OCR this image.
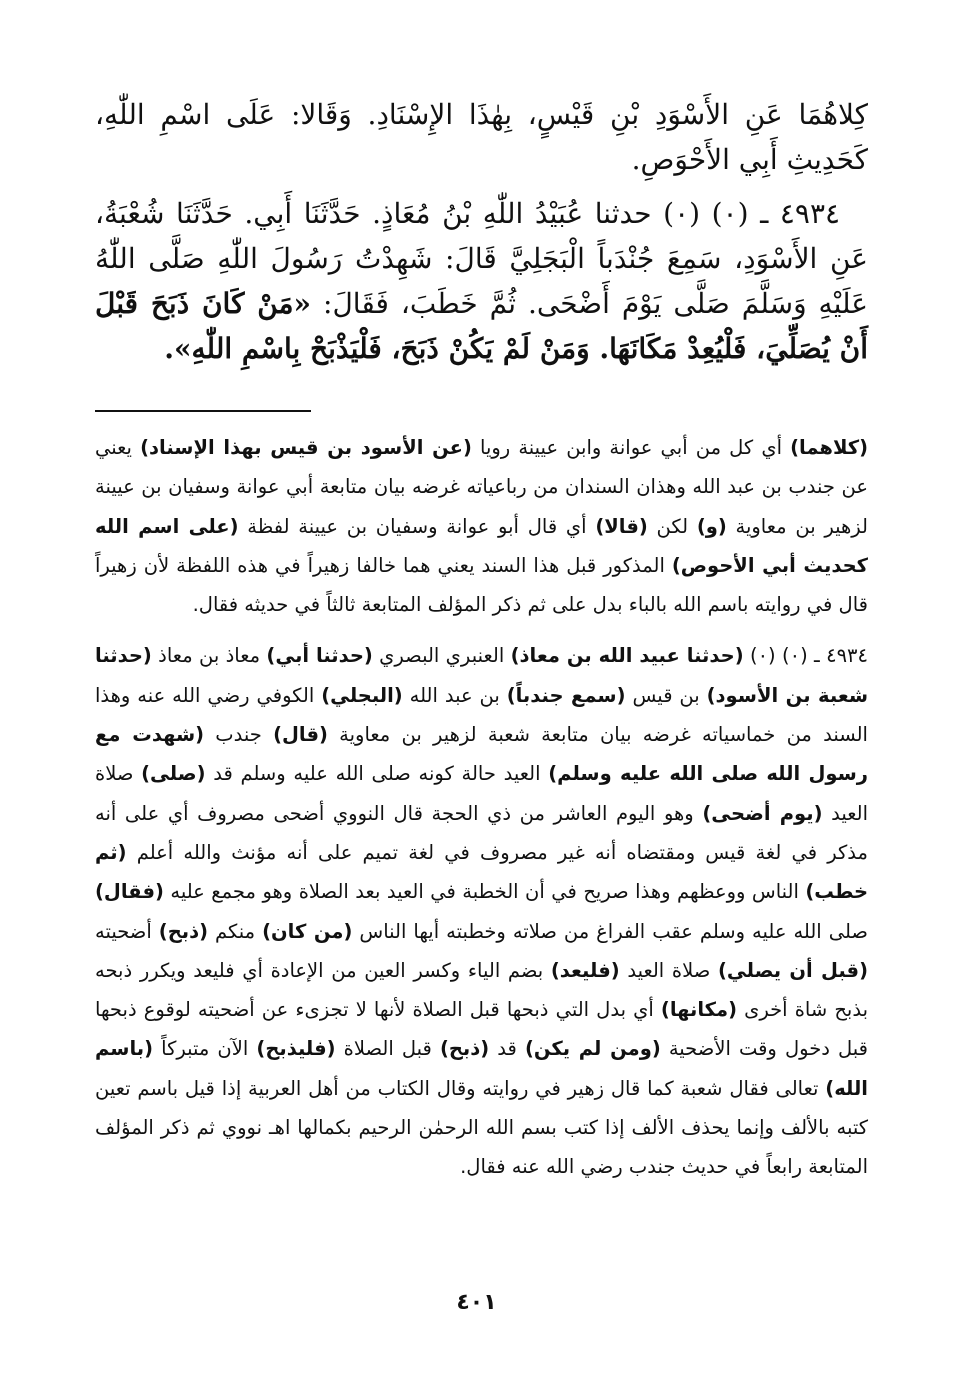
كِلاهُمَا عَنِ الأَسْوَدِ بْنِ قَيْسٍ، بِهٰذَا الإِسْنَادِ. وَقَالا: عَلَى اسْمِ اللّٰهِ، كَحَدِيثِ أَبِي الأَحْوَصِ.

٤٩٣٤ ـ (٠) (٠) حدثنا عُبَيْدُ اللّٰهِ بْنُ مُعَاذٍ. حَدَّثَنَا أَبِي. حَدَّثَنَا شُعْبَةُ، عَنِ الأَسْوَدِ، سَمِعَ جُنْدَباً الْبَجَلِيَّ قَالَ: شَهِدْتُ رَسُولَ اللّٰهِ صَلَّى اللّٰهُ عَلَيْهِ وَسَلَّمَ صَلَّى يَوْمَ أَضْحَى. ثُمَّ خَطَبَ، فَقَالَ: «مَنْ كَانَ ذَبَحَ قَبْلَ أَنْ يُصَلِّيَ، فَلْيُعِدْ مَكَانَهَا. وَمَنْ لَمْ يَكُنْ ذَبَحَ، فَلْيَذْبَحْ بِاسْمِ اللّٰهِ».

(كلاهما) أي كل من أبي عوانة وابن عيينة رويا (عن الأسود بن قيس بهذا الإسناد) يعني عن جندب بن عبد الله وهذان السندان من رباعياته غرضه بيان متابعة أبي عوانة وسفيان بن عيينة لزهير بن معاوية (و) لكن (قالا) أي قال أبو عوانة وسفيان بن عيينة لفظة (على اسم الله كحديث أبي الأحوص) المذكور قبل هذا السند يعني هما خالفا زهيراً في هذه اللفظة لأن زهيراً قال في روايته باسم الله بالباء بدل على ثم ذكر المؤلف المتابعة ثالثاً في حديثه فقال.

٤٩٣٤ ـ (٠) (٠) (حدثنا عبيد الله بن معاذ) العنبري البصري (حدثنا أبي) معاذ بن معاذ (حدثنا شعبة بن الأسود) بن قيس (سمع جندباً) بن عبد الله (البجلي) الكوفي رضي الله عنه وهذا السند من خماسياته غرضه بيان متابعة شعبة لزهير بن معاوية (قال) جندب (شهدت مع رسول الله صلى الله عليه وسلم) العيد حالة كونه صلى الله عليه وسلم قد (صلى) صلاة العيد (يوم أضحى) وهو اليوم العاشر من ذي الحجة قال النووي أضحى مصروف أي على أنه مذكر في لغة قيس ومقتضاه أنه غير مصروف في لغة تميم على أنه مؤنث والله أعلم (ثم خطب) الناس ووعظهم وهذا صريح في أن الخطبة في العيد بعد الصلاة وهو مجمع عليه (فقال) صلى الله عليه وسلم عقب الفراغ من صلاته وخطبته أيها الناس (من كان) منكم (ذبح) أضحيته (قبل أن يصلي) صلاة العيد (فليعد) بضم الياء وكسر العين من الإعادة أي فليعد ويكرر ذبحه بذبح شاة أخرى (مكانها) أي بدل التي ذبحها قبل الصلاة لأنها لا تجزىء عن أضحيته لوقوع ذبحها قبل دخول وقت الأضحية (ومن لم يكن) قد (ذبح) قبل الصلاة (فليذبح) الآن متبركاً (باسم الله) تعالى فقال شعبة كما قال زهير في روايته وقال الكتاب من أهل العربية إذا قيل باسم تعين كتبه بالألف وإنما يحذف الألف إذا كتب بسم الله الرحمٰن الرحيم بكمالها اهـ نووي ثم ذكر المؤلف المتابعة رابعاً في حديث جندب رضي الله عنه فقال.

٤٠١
